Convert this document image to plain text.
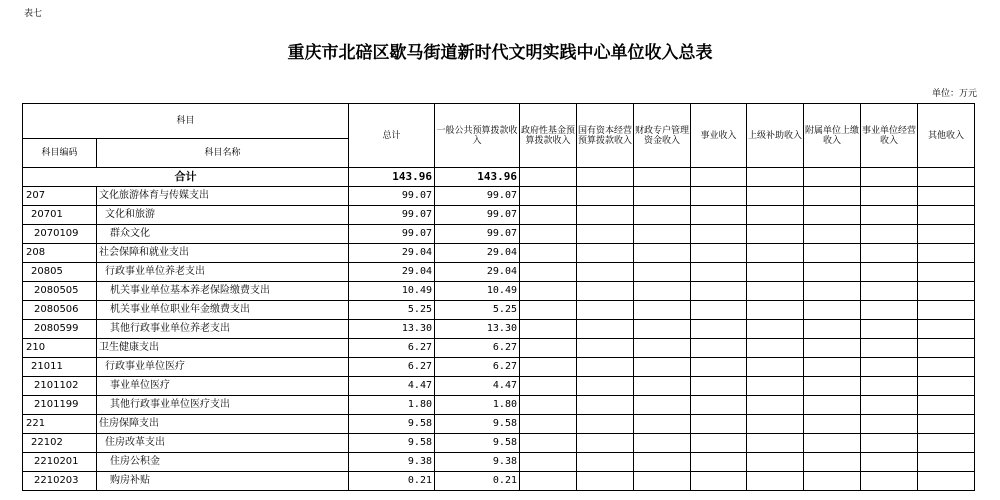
表七
重庆市北碚区歇马街道新时代文明实践中心单位收入总表
单位：万元
科目		总计	一般公共预算拨款收入	政府性基金预算拨款收入	国有资本经营预算拨款收入	财政专户管理资金收入	事业收入	上级补助收入	附属单位上缴收入	事业单位经营收入	其他收入
科目编码	科目名称										
合计		143.96	143.96								
207	文化旅游体育与传媒支出	99.07	99.07								
20701	文化和旅游	99.07	99.07								
2070109	群众文化	99.07	99.07								
208	社会保障和就业支出	29.04	29.04								
20805	行政事业单位养老支出	29.04	29.04								
2080505	机关事业单位基本养老保险缴费支出	10.49	10.49								
2080506	机关事业单位职业年金缴费支出	5.25	5.25								
2080599	其他行政事业单位养老支出	13.30	13.30								
210	卫生健康支出	6.27	6.27								
21011	行政事业单位医疗	6.27	6.27								
2101102	事业单位医疗	4.47	4.47								
2101199	其他行政事业单位医疗支出	1.80	1.80								
221	住房保障支出	9.58	9.58								
22102	住房改革支出	9.58	9.58								
2210201	住房公积金	9.38	9.38								
2210203	购房补贴	0.21	0.21								
